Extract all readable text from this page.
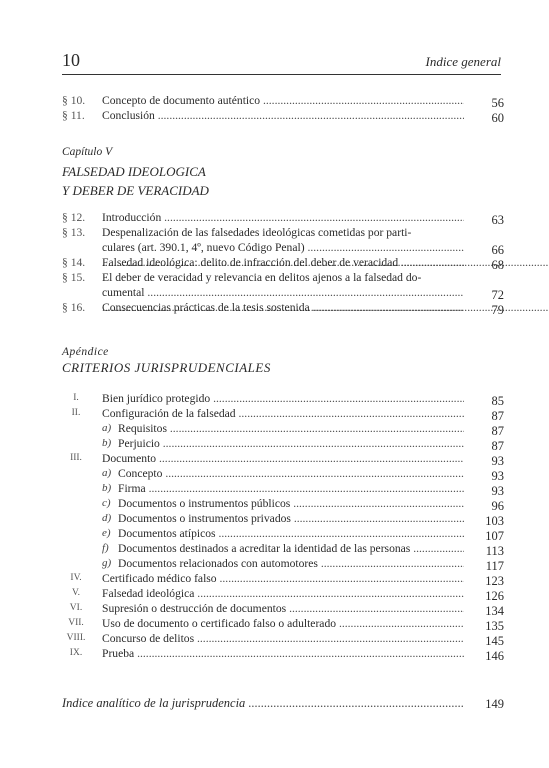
10	Indice general
§ 10. Concepto de documento auténtico .....	56
§ 11. Conclusión .....	60
Capítulo V
FALSEDAD IDEOLOGICA
Y DEBER DE VERACIDAD
§ 12. Introducción .....	63
§ 13. Despenalización de las falsedades ideológicas cometidas por parti-
culares (art. 390.1, 4º, nuevo Código Penal) .....
.....	66
§ 14. Falsedad ideológica: delito de infracción del deber de veracidad .....	68
§ 15. El deber de veracidad y relevancia en delitos ajenos a la falsedad do-
cumental .....
.....	72
§ 16. Consecuencias prácticas de la tesis sostenida .....	79
Apéndice
CRITERIOS JURISPRUDENCIALES
I.	Bien jurídico protegido .....	85
II.	Configuración de la falsedad .....	87
a) Requisitos .....	87
b) Perjuicio .....	87
III.	Documento .....	93
a) Concepto .....	93
b) Firma .....	93
c) Documentos o instrumentos públicos .....	96
d) Documentos o instrumentos privados .....	103
e) Documentos atípicos .....	107
f) Documentos destinados a acreditar la identidad de las personas .....	113
g) Documentos relacionados con automotores .....	117
IV.	Certificado médico falso .....	123
V.	Falsedad ideológica .....	126
VI.	Supresión o destrucción de documentos .....	134
VII.	Uso de documento o certificado falso o adulterado .....	135
VIII.	Concurso de delitos .....	145
IX.	Prueba .....	146
Indice analítico de la jurisprudencia .....	149
